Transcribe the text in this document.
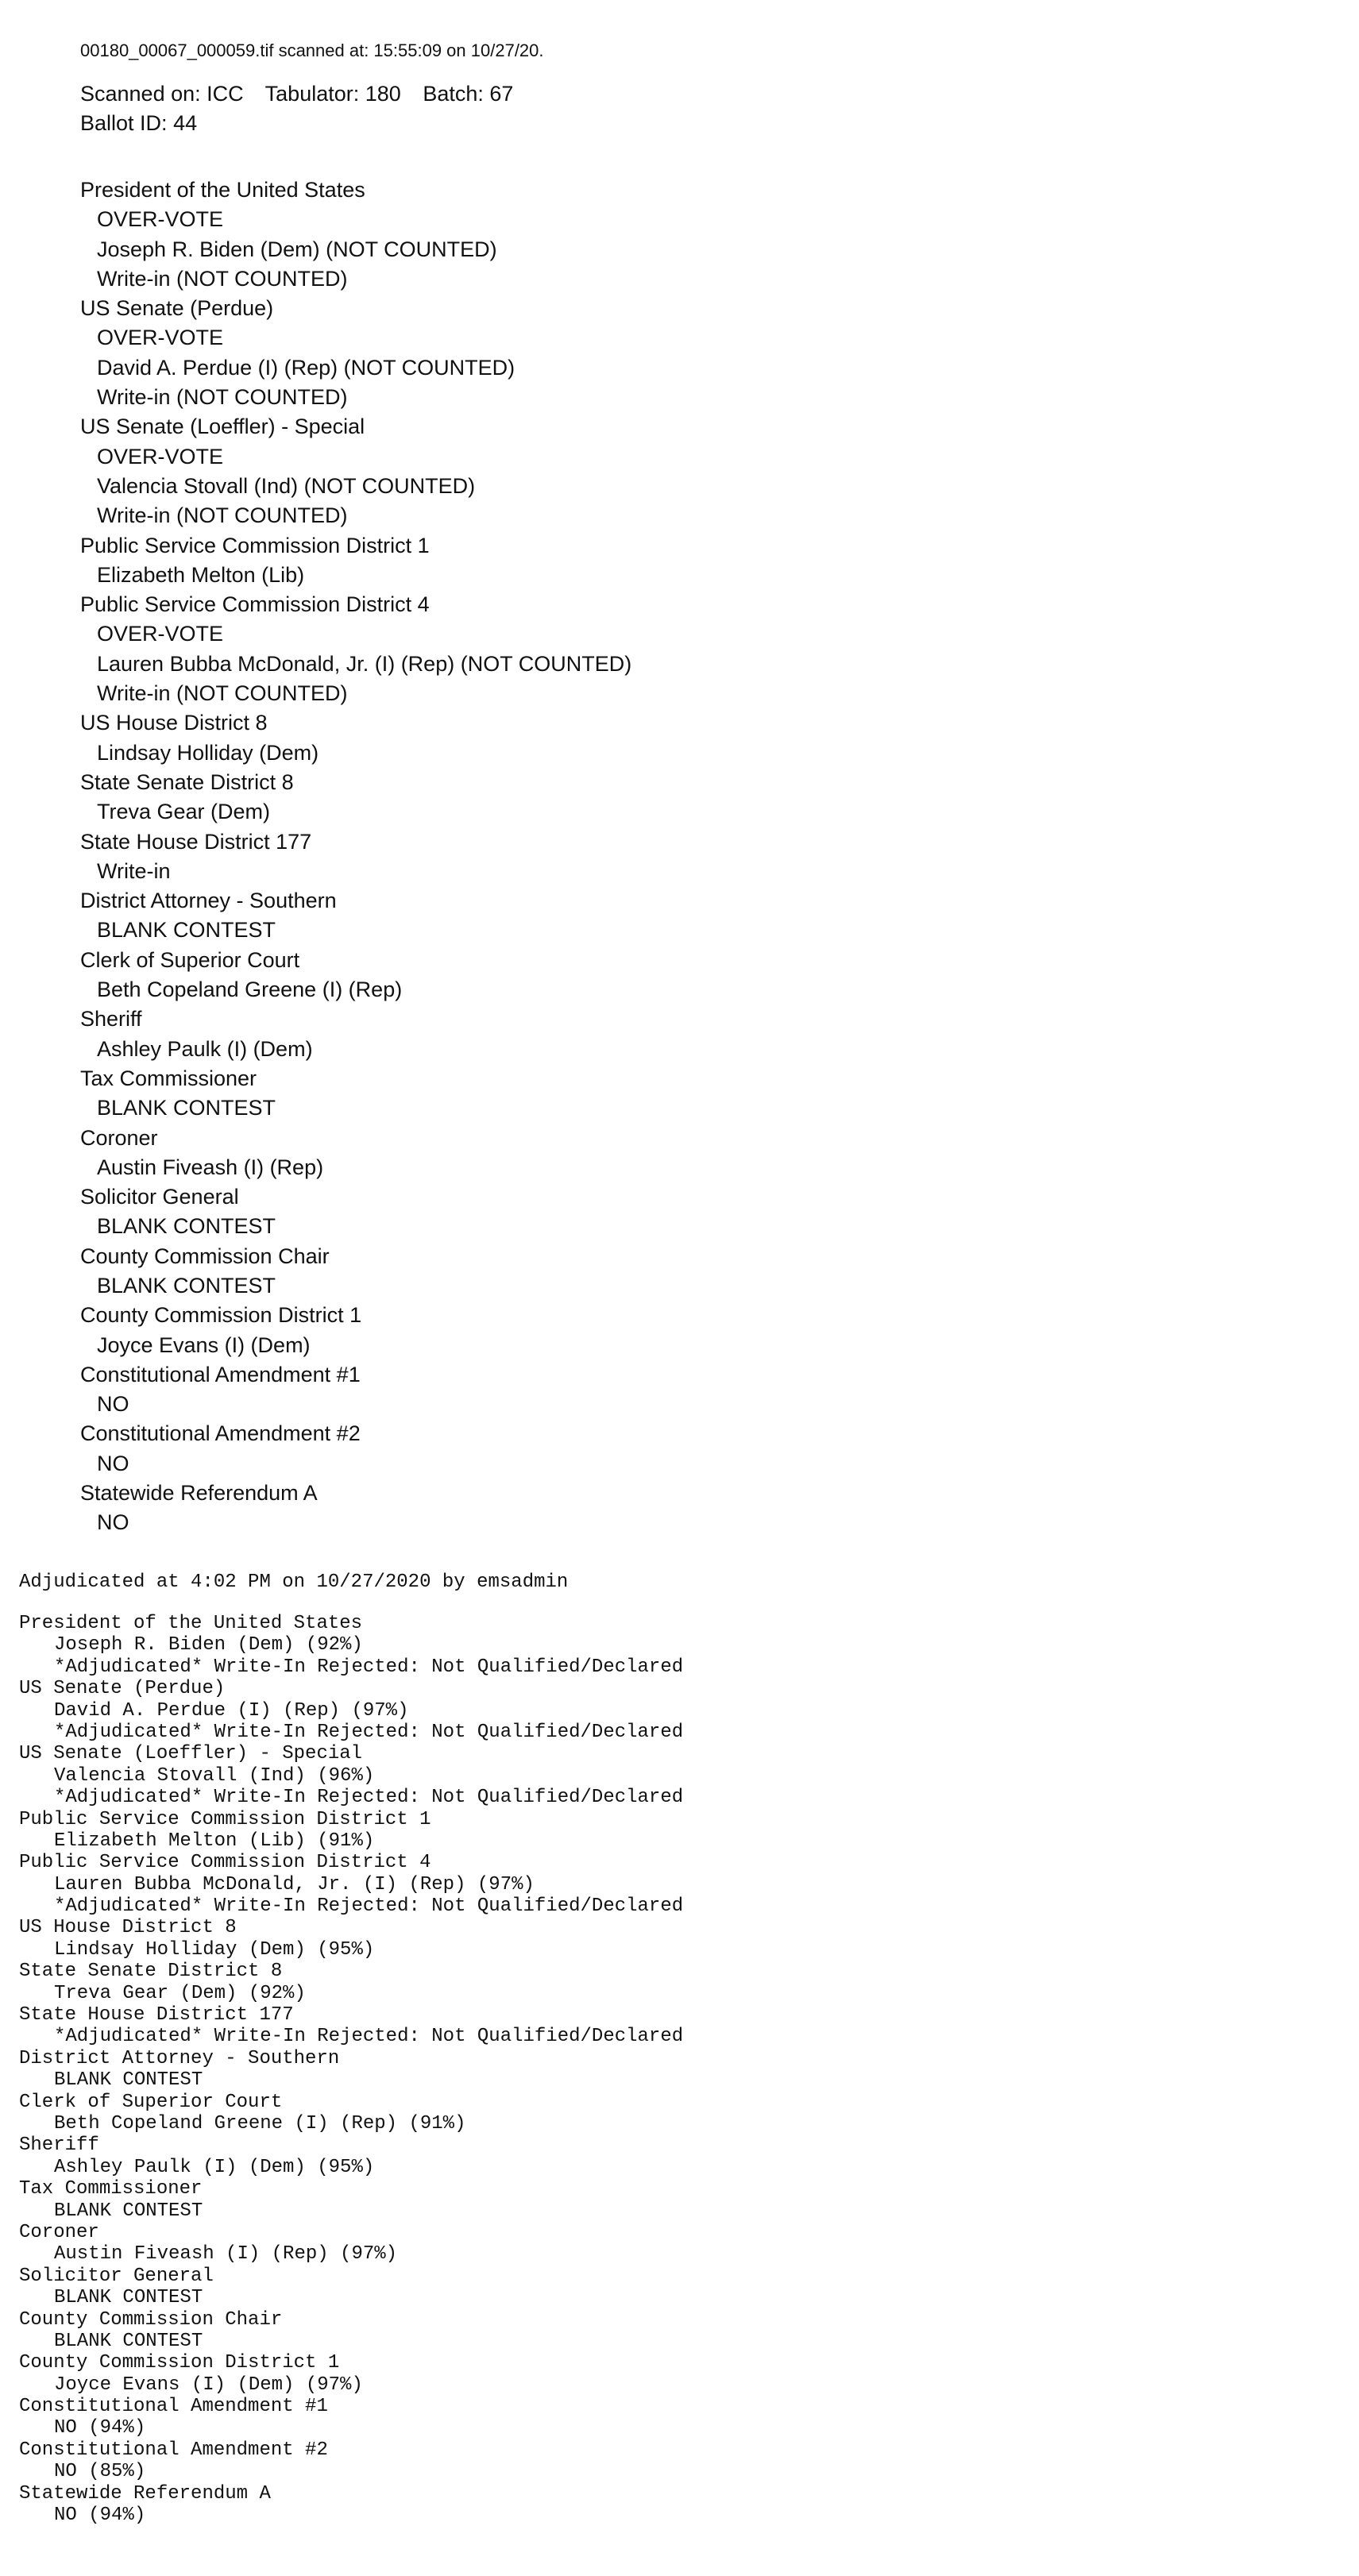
00180_00067_000059.tif scanned at: 15:55:09 on 10/27/20.
Scanned on: ICC Tabulator: 180 Batch: 67
Ballot ID: 44
President of the United States
OVER-VOTE
Joseph R. Biden (Dem) (NOT COUNTED)
Write-in (NOT COUNTED)
US Senate (Perdue)
OVER-VOTE
David A. Perdue (I) (Rep) (NOT COUNTED)
Write-in (NOT COUNTED)
US Senate (Loeffler) - Special
OVER-VOTE
Valencia Stovall (Ind) (NOT COUNTED)
Write-in (NOT COUNTED)
Public Service Commission District 1
Elizabeth Melton (Lib)
Public Service Commission District 4
OVER-VOTE
Lauren Bubba McDonald, Jr. (I) (Rep) (NOT COUNTED)
Write-in (NOT COUNTED)
US House District 8
Lindsay Holliday (Dem)
State Senate District 8
Treva Gear (Dem)
State House District 177
Write-in
District Attorney - Southern
BLANK CONTEST
Clerk of Superior Court
Beth Copeland Greene (I) (Rep)
Sheriff
Ashley Paulk (I) (Dem)
Tax Commissioner
BLANK CONTEST
Coroner
Austin Fiveash (I) (Rep)
Solicitor General
BLANK CONTEST
County Commission Chair
BLANK CONTEST
County Commission District 1
Joyce Evans (I) (Dem)
Constitutional Amendment #1
NO
Constitutional Amendment #2
NO
Statewide Referendum A
NO
Adjudicated at 4:02 PM on 10/27/2020 by emsadmin
President of the United States
Joseph R. Biden (Dem) (92%)
*Adjudicated* Write-In Rejected: Not Qualified/Declared
US Senate (Perdue)
David A. Perdue (I) (Rep) (97%)
*Adjudicated* Write-In Rejected: Not Qualified/Declared
US Senate (Loeffler) - Special
Valencia Stovall (Ind) (96%)
*Adjudicated* Write-In Rejected: Not Qualified/Declared
Public Service Commission District 1
Elizabeth Melton (Lib) (91%)
Public Service Commission District 4
Lauren Bubba McDonald, Jr. (I) (Rep) (97%)
*Adjudicated* Write-In Rejected: Not Qualified/Declared
US House District 8
Lindsay Holliday (Dem) (95%)
State Senate District 8
Treva Gear (Dem) (92%)
State House District 177
*Adjudicated* Write-In Rejected: Not Qualified/Declared
District Attorney - Southern
BLANK CONTEST
Clerk of Superior Court
Beth Copeland Greene (I) (Rep) (91%)
Sheriff
Ashley Paulk (I) (Dem) (95%)
Tax Commissioner
BLANK CONTEST
Coroner
Austin Fiveash (I) (Rep) (97%)
Solicitor General
BLANK CONTEST
County Commission Chair
BLANK CONTEST
County Commission District 1
Joyce Evans (I) (Dem) (97%)
Constitutional Amendment #1
NO (94%)
Constitutional Amendment #2
NO (85%)
Statewide Referendum A
NO (94%)
